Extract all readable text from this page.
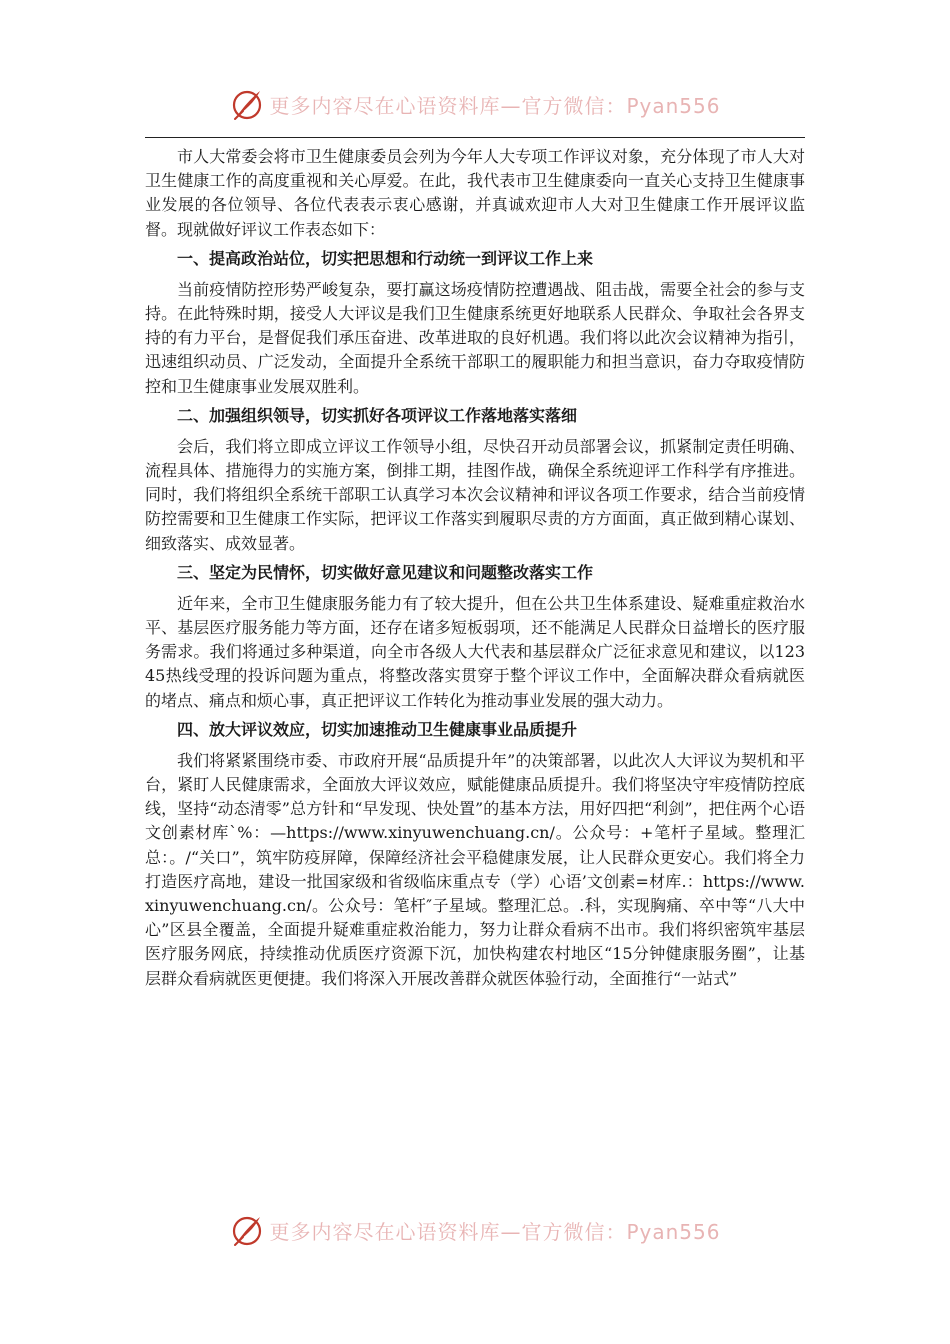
更多内容尽在心语资料库—官方微信：Pyan556

市人大常委会将市卫生健康委员会列为今年人大专项工作评议对象，充分体现了市人大对卫生健康工作的高度重视和关心厚爱。在此，我代表市卫生健康委向一直关心支持卫生健康事业发展的各位领导、各位代表表示衷心感谢，并真诚欢迎市人大对卫生健康工作开展评议监督。现就做好评议工作表态如下：

一、提高政治站位，切实把思想和行动统一到评议工作上来

当前疫情防控形势严峻复杂，要打赢这场疫情防控遭遇战、阻击战，需要全社会的参与支持。在此特殊时期，接受人大评议是我们卫生健康系统更好地联系人民群众、争取社会各界支持的有力平台，是督促我们承压奋进、改革进取的良好机遇。我们将以此次会议精神为指引，迅速组织动员、广泛发动，全面提升全系统干部职工的履职能力和担当意识，奋力夺取疫情防控和卫生健康事业发展双胜利。

二、加强组织领导，切实抓好各项评议工作落地落实落细

会后，我们将立即成立评议工作领导小组，尽快召开动员部署会议，抓紧制定责任明确、流程具体、措施得力的实施方案，倒排工期，挂图作战，确保全系统迎评工作科学有序推进。同时，我们将组织全系统干部职工认真学习本次会议精神和评议各项工作要求，结合当前疫情防控需要和卫生健康工作实际，把评议工作落实到履职尽责的方方面面，真正做到精心谋划、细致落实、成效显著。

三、坚定为民情怀，切实做好意见建议和问题整改落实工作

近年来，全市卫生健康服务能力有了较大提升，但在公共卫生体系建设、疑难重症救治水平、基层医疗服务能力等方面，还存在诸多短板弱项，还不能满足人民群众日益增长的医疗服务需求。我们将通过多种渠道，向全市各级人大代表和基层群众广泛征求意见和建议，以12345热线受理的投诉问题为重点，将整改落实贯穿于整个评议工作中，全面解决群众看病就医的堵点、痛点和烦心事，真正把评议工作转化为推动事业发展的强大动力。

四、放大评议效应，切实加速推动卫生健康事业品质提升

我们将紧紧围绕市委、市政府开展“品质提升年”的决策部署，以此次人大评议为契机和平台，紧盯人民健康需求，全面放大评议效应，赋能健康品质提升。我们将坚决守牢疫情防控底线，坚持“动态清零”总方针和“早发现、快处置”的基本方法，用好四把“利剑”，把住两个心语文创素材库`%：—https://www.xinyuwenchuang.cn/。公众号：+笔杆子星域。整理汇总：。/“关口”，筑牢防疫屏障，保障经济社会平稳健康发展，让人民群众更安心。我们将全力打造医疗高地，建设一批国家级和省级临床重点专（学）心语’文创素=材库.：https://www.xinyuwenchuang.cn/。公众号：笔杆″子星域。整理汇总。.科，实现胸痛、卒中等“八大中心”区县全覆盖，全面提升疑难重症救治能力，努力让群众看病不出市。我们将织密筑牢基层医疗服务网底，持续推动优质医疗资源下沉，加快构建农村地区“15分钟健康服务圈”，让基层群众看病就医更便捷。我们将深入开展改善群众就医体验行动，全面推行“一站式”

更多内容尽在心语资料库—官方微信：Pyan556
